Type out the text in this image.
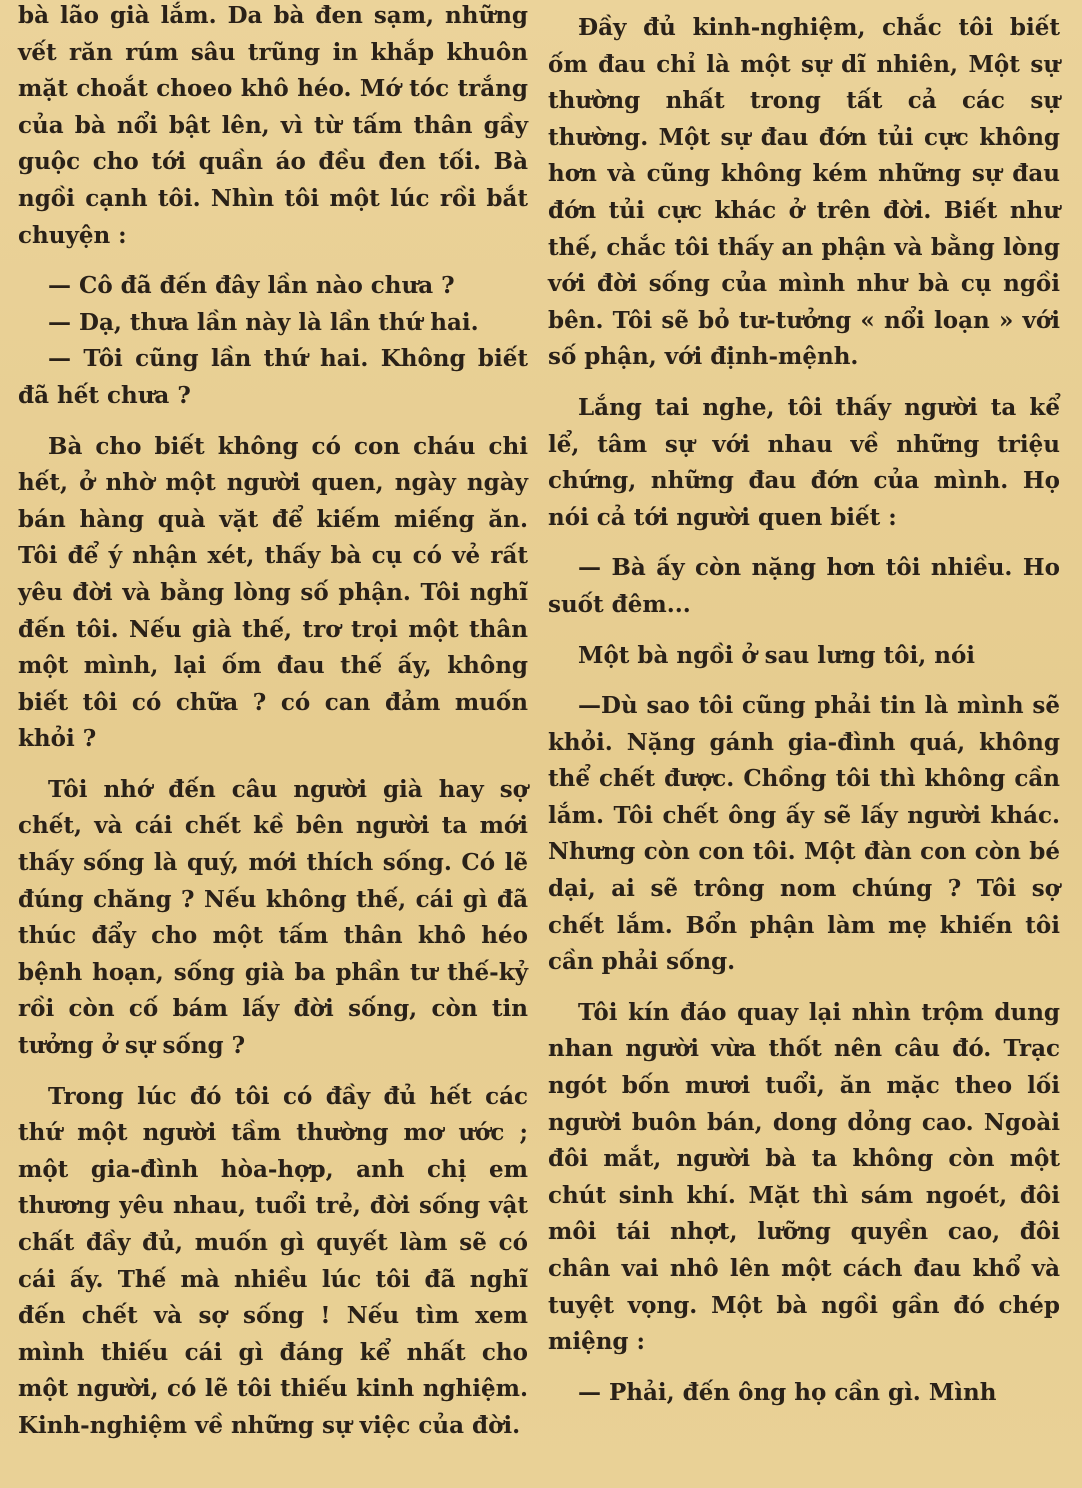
bà lão già lắm. Da bà đen sạm, những vết răn rúm sâu trũng in khắp khuôn mặt choắt choeo khô héo. Mớ tóc trắng của bà nổi bật lên, vì từ tấm thân gầy guộc cho tới quần áo đều đen tối. Bà ngồi cạnh tôi. Nhìn tôi một lúc rồi bắt chuyện :

— Cô đã đến đây lần nào chưa ?

— Dạ, thưa lần này là lần thứ hai.

— Tôi cũng lần thứ hai. Không biết đã hết chưa ?

Bà cho biết không có con cháu chi hết, ở nhờ một người quen, ngày ngày bán hàng quà vặt để kiếm miếng ăn. Tôi để ý nhận xét, thấy bà cụ có vẻ rất yêu đời và bằng lòng số phận. Tôi nghĩ đến tôi. Nếu già thế, trơ trọi một thân một mình, lại ốm đau thế ấy, không biết tôi có chữa ? có can đảm muốn khỏi ?

Tôi nhớ đến câu người già hay sợ chết, và cái chết kề bên người ta mới thấy sống là quý, mới thích sống. Có lẽ đúng chăng ? Nếu không thế, cái gì đã thúc đẩy cho một tấm thân khô héo bệnh hoạn, sống già ba phần tư thế-kỷ rồi còn cố bám lấy đời sống, còn tin tưởng ở sự sống ?

Trong lúc đó tôi có đầy đủ hết các thứ một người tầm thường mơ ước ; một gia-đình hòa-hợp, anh chị em thương yêu nhau, tuổi trẻ, đời sống vật chất đầy đủ, muốn gì quyết làm sẽ có cái ấy. Thế mà nhiều lúc tôi đã nghĩ đến chết và sợ sống ! Nếu tìm xem mình thiếu cái gì đáng kể nhất cho một người, có lẽ tôi thiếu kinh nghiệm. Kinh-nghiệm về những sự việc của đời.

Đầy đủ kinh-nghiệm, chắc tôi biết ốm đau chỉ là một sự dĩ nhiên, Một sự thường nhất trong tất cả các sự thường. Một sự đau đớn tủi cực không hơn và cũng không kém những sự đau đớn tủi cực khác ở trên đời. Biết như thế, chắc tôi thấy an phận và bằng lòng với đời sống của mình như bà cụ ngồi bên. Tôi sẽ bỏ tư-tưởng « nổi loạn » với số phận, với định-mệnh.

Lắng tai nghe, tôi thấy người ta kể lể, tâm sự với nhau về những triệu chứng, những đau đớn của mình. Họ nói cả tới người quen biết :

— Bà ấy còn nặng hơn tôi nhiều. Ho suốt đêm...

Một bà ngồi ở sau lưng tôi, nói

—Dù sao tôi cũng phải tin là mình sẽ khỏi. Nặng gánh gia-đình quá, không thể chết được. Chồng tôi thì không cần lắm. Tôi chết ông ấy sẽ lấy người khác. Nhưng còn con tôi. Một đàn con còn bé dại, ai sẽ trông nom chúng ? Tôi sợ chết lắm. Bổn phận làm mẹ khiến tôi cần phải sống.

Tôi kín đáo quay lại nhìn trộm dung nhan người vừa thốt nên câu đó. Trạc ngót bốn mươi tuổi, ăn mặc theo lối người buôn bán, dong dỏng cao. Ngoài đôi mắt, người bà ta không còn một chút sinh khí. Mặt thì sám ngoét, đôi môi tái nhợt, lưỡng quyền cao, đôi chân vai nhô lên một cách đau khổ và tuyệt vọng. Một bà ngồi gần đó chép miệng :

— Phải, đến ông họ cần gì. Mình
